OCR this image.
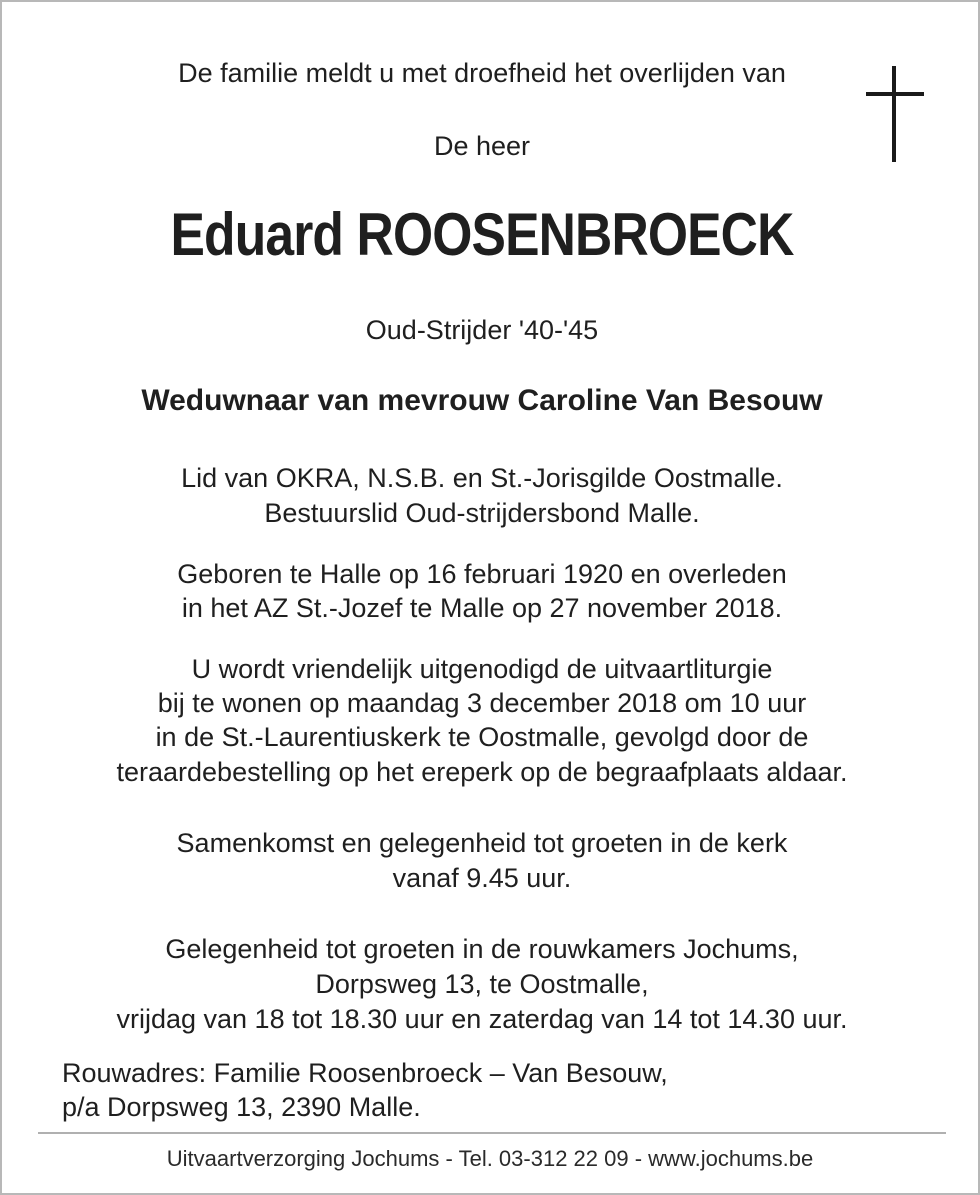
De familie meldt u met droefheid het overlijden van
De heer
Eduard ROOSENBROECK
Oud-Strijder '40-'45
Weduwnaar van mevrouw Caroline Van Besouw
Lid van OKRA, N.S.B. en St.-Jorisgilde Oostmalle.
Bestuurslid Oud-strijdersbond Malle.
Geboren te Halle op 16 februari 1920 en overleden
in het AZ St.-Jozef te Malle op 27 november 2018.
U wordt vriendelijk uitgenodigd de uitvaartliturgie
bij te wonen op maandag 3 december 2018 om 10 uur
in de St.-Laurentiuskerk te Oostmalle, gevolgd door de
teraardebestelling op het ereperk op de begraafplaats aldaar.
Samenkomst en gelegenheid tot groeten in de kerk
vanaf 9.45 uur.
Gelegenheid tot groeten in de rouwkamers Jochums,
Dorpsweg 13, te Oostmalle,
vrijdag van 18 tot 18.30 uur en zaterdag van 14 tot 14.30 uur.
Rouwadres: Familie Roosenbroeck – Van Besouw,
p/a Dorpsweg 13, 2390 Malle.
Uitvaartverzorging Jochums - Tel. 03-312 22 09 - www.jochums.be
